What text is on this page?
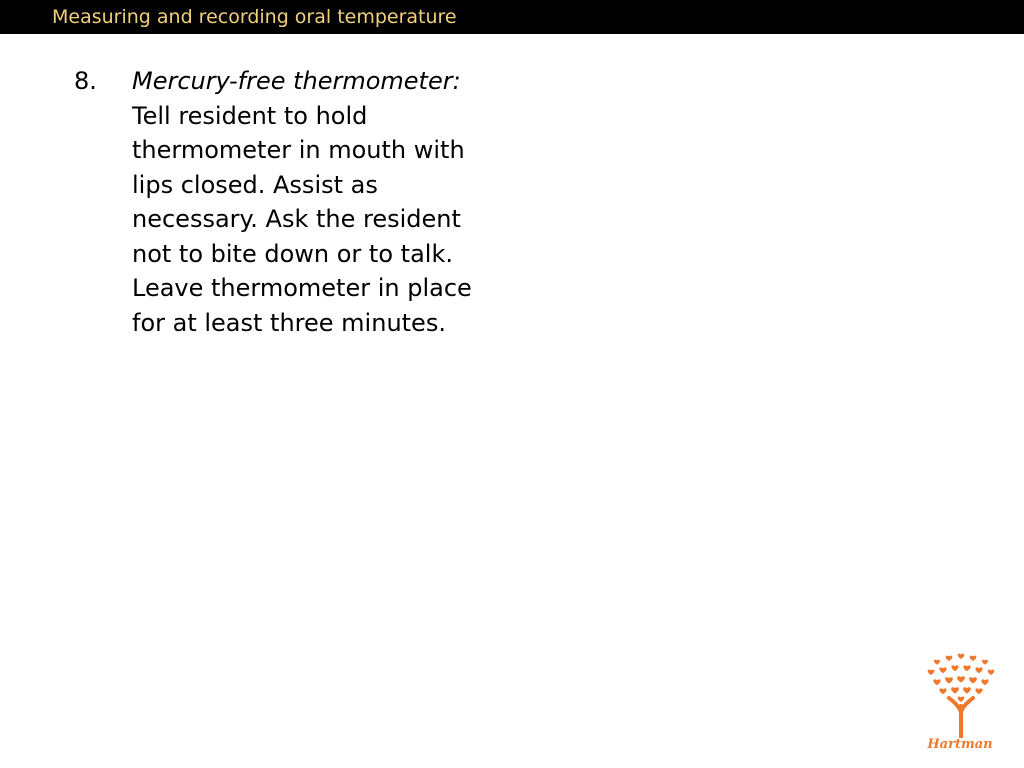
Measuring and recording oral temperature
8. Mercury-free thermometer: Tell resident to hold thermometer in mouth with lips closed. Assist as necessary. Ask the resident not to bite down or to talk. Leave thermometer in place for at least three minutes.
Hartman
